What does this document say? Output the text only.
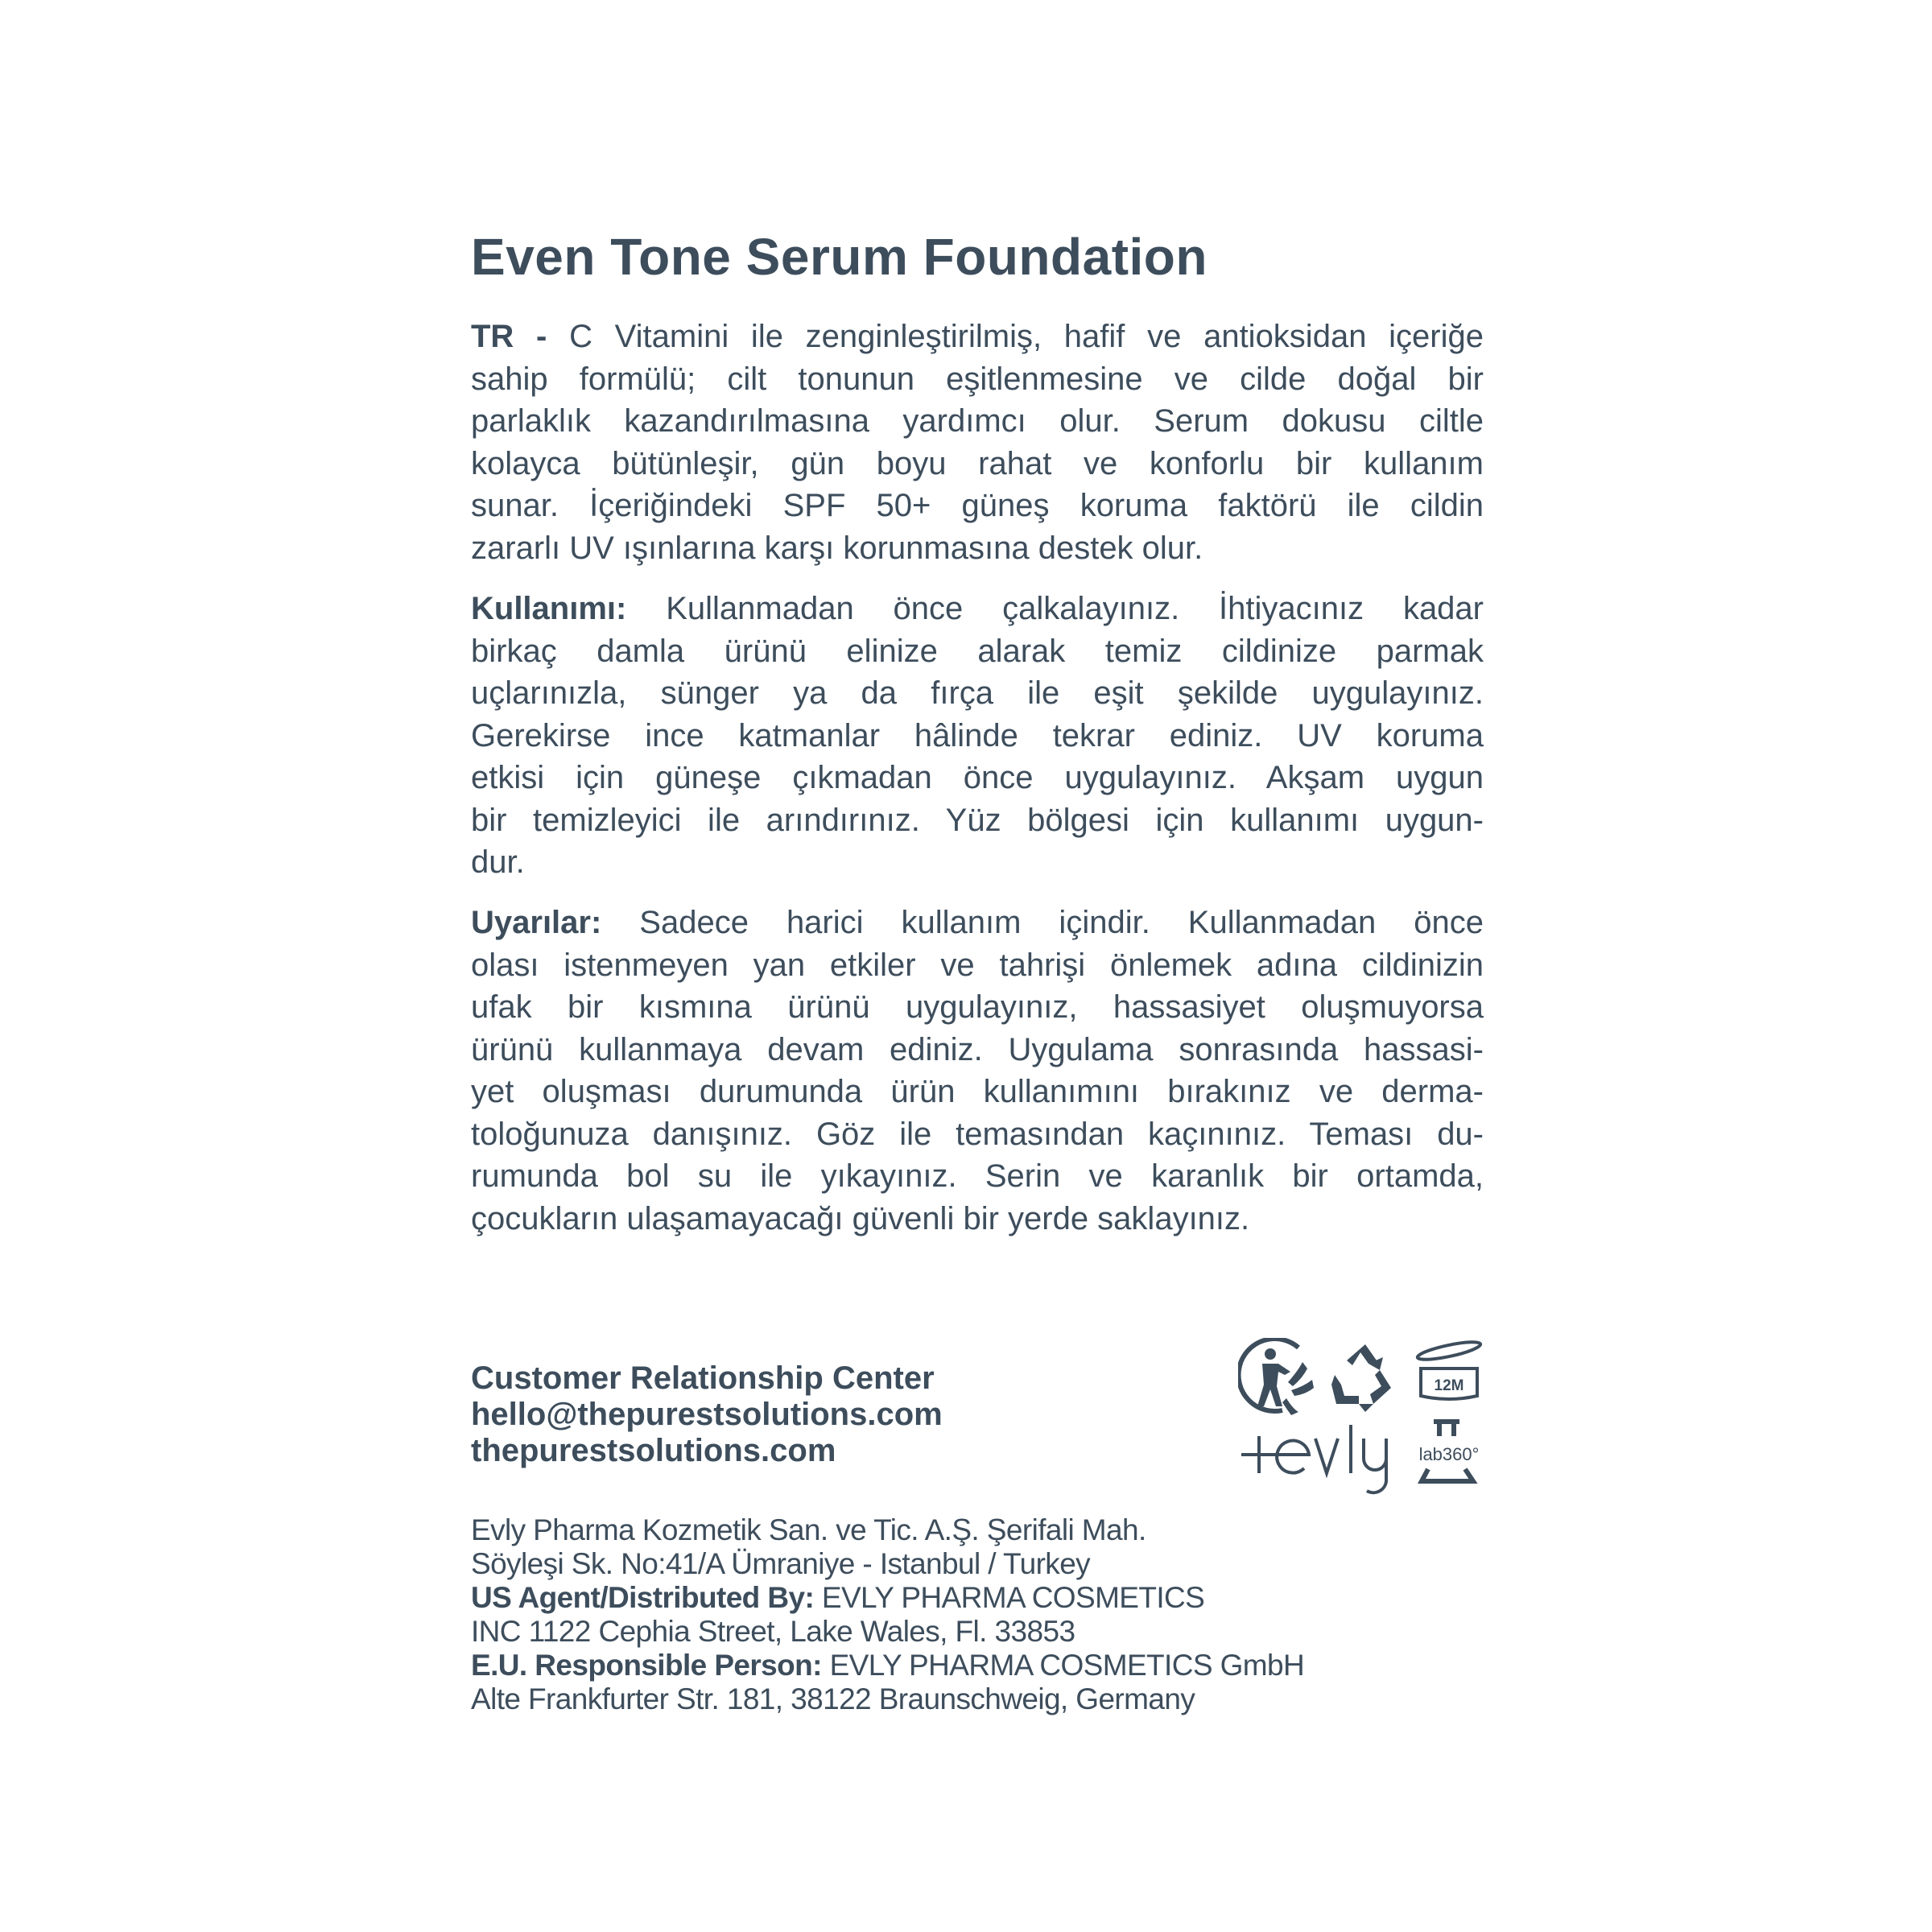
Even Tone Serum Foundation
TR - C Vitamini ile zenginleştirilmiş, hafif ve antioksidan içeriğe
sahip formülü; cilt tonunun eşitlenmesine ve cilde doğal bir
parlaklık kazandırılmasına yardımcı olur. Serum dokusu ciltle
kolayca bütünleşir, gün boyu rahat ve konforlu bir kullanım
sunar. İçeriğindeki SPF 50+ güneş koruma faktörü ile cildin
zararlı UV ışınlarına karşı korunmasına destek olur.
Kullanımı: Kullanmadan önce çalkalayınız. İhtiyacınız kadar
birkaç damla ürünü elinize alarak temiz cildinize parmak
uçlarınızla, sünger ya da fırça ile eşit şekilde uygulayınız.
Gerekirse ince katmanlar hâlinde tekrar ediniz. UV koruma
etkisi için güneşe çıkmadan önce uygulayınız. Akşam uygun
bir temizleyici ile arındırınız. Yüz bölgesi için kullanımı uygun-
dur.
Uyarılar: Sadece harici kullanım içindir. Kullanmadan önce
olası istenmeyen yan etkiler ve tahrişi önlemek adına cildinizin
ufak bir kısmına ürünü uygulayınız, hassasiyet oluşmuyorsa
ürünü kullanmaya devam ediniz. Uygulama sonrasında hassasi-
yet oluşması durumunda ürün kullanımını bırakınız ve derma-
toloğunuza danışınız. Göz ile temasından kaçınınız. Teması du-
rumunda bol su ile yıkayınız. Serin ve karanlık bir ortamda,
çocukların ulaşamayacağı güvenli bir yerde saklayınız.
Customer Relationship Center
hello@thepurestsolutions.com
thepurestsolutions.com
Evly Pharma Kozmetik San. ve Tic. A.Ş. Şerifali Mah.
Söyleşi Sk. No:41/A Ümraniye - Istanbul / Turkey
US Agent/Distributed By: EVLY PHARMA COSMETICS
INC 1122 Cephia Street, Lake Wales, Fl. 33853
E.U. Responsible Person: EVLY PHARMA COSMETICS GmbH
Alte Frankfurter Str. 181, 38122 Braunschweig, Germany
12M
lab360°
